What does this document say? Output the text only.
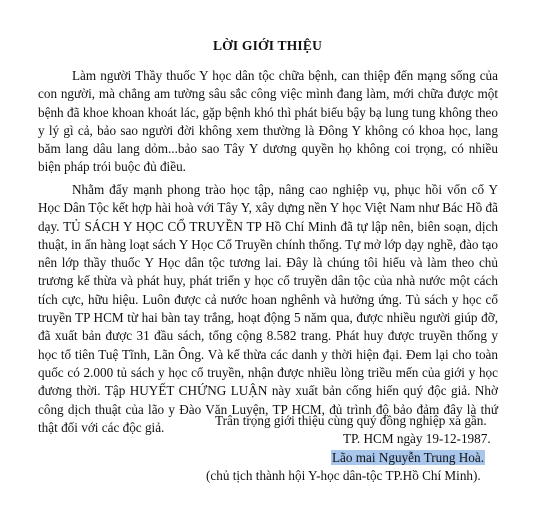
LỜI GIỚI THIỆU

Làm người Thầy thuốc Y học dân tộc chữa bệnh, can thiệp đến mạng sống của con người, mà chẳng am tường sâu sắc công việc mình đang làm, mới chữa được một bệnh đã khoe khoan khoát lác, gặp bệnh khó thì phát biểu bậy bạ lung tung không theo y lý gì cả, bảo sao người đời không xem thường là Đông Y không có khoa học, lang băm lang dâu lang dỏm...bảo sao Tây Y dương quyền họ không coi trọng, có nhiều biện pháp trói buộc đủ điều.

Nhằm đẩy mạnh phong trào học tập, nâng cao nghiệp vụ, phục hồi vốn cổ Y Học Dân Tộc kết hợp hài hoà với Tây Y, xây dựng nền Y học Việt Nam như Bác Hồ đã dạy. TỦ SÁCH Y HỌC CỔ TRUYỀN TP Hồ Chí Minh đã tự lập nên, biên soạn, dịch thuật, in ấn hàng loạt sách Y Học Cổ Truyền chính thống. Tự mở lớp dạy nghề, đào tạo nên lớp thầy thuốc Y Học dân tộc tương lai. Đây là chúng tôi hiểu và làm theo chủ trương kế thừa và phát huy, phát triển y học cổ truyền dân tộc của nhà nước một cách tích cực, hữu hiệu. Luôn được cả nước hoan nghênh và hưởng ứng. Tủ sách y học cổ truyền TP HCM từ hai bàn tay trắng, hoạt động 5 năm qua, được nhiều người giúp đỡ, đã xuất bản được 31 đầu sách, tổng cộng 8.582 trang. Phát huy được truyền thống y học tổ tiên Tuệ Tĩnh, Lãn Ông. Và kế thừa các danh y thời hiện đại. Đem lại cho toàn quốc có 2.000 tủ sách y học cổ truyền, nhận được nhiều lòng triều mến của giới y học đương thời. Tập HUYẾT CHỨNG LUẬN này xuất bản cống hiến quý độc giả. Nhờ công dịch thuật của lão y Đào Văn Luyện, TP HCM, đủ trình độ bảo đảm đây là thứ thật đối với các độc giả.	Trân trọng giới thiệu cùng quý đồng nghiệp xa gần.
TP. HCM ngày 19-12-1987.
Lão mai Nguyễn Trung Hoà.
(chủ tịch thành hội Y-học dân-tộc TP.Hồ Chí Minh).
